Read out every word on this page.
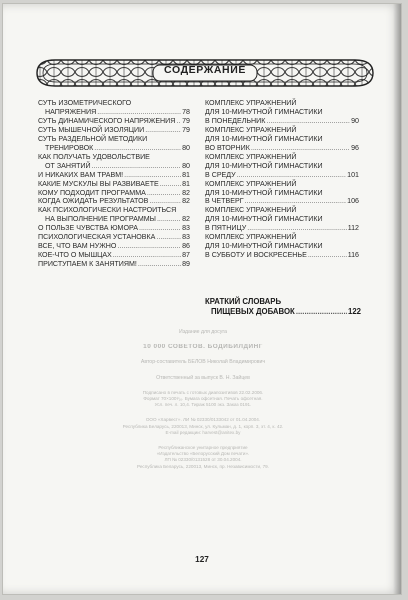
СОДЕРЖАНИЕ
СУТЬ ИЗОМЕТРИЧЕСКОГО
НАПРЯЖЕНИЯ .....	78
СУТЬ ДИНАМИЧЕСКОГО НАПРЯЖЕНИЯ ..... 79
СУТЬ МЫШЕЧНОЙ ИЗОЛЯЦИИ .....	79
СУТЬ РАЗДЕЛЬНОЙ МЕТОДИКИ
ТРЕНИРОВОК .....	80
КАК ПОЛУЧАТЬ УДОВОЛЬСТВИЕ
ОТ ЗАНЯТИЙ .....	80
И НИКАКИХ ВАМ ТРАВМ! .....	81
КАКИЕ МУСКУЛЫ ВЫ РАЗВИВАЕТЕ .....	81
КОМУ ПОДХОДИТ ПРОГРАММА .....	82
КОГДА ОЖИДАТЬ РЕЗУЛЬТАТОВ .....	82
КАК ПСИХОЛОГИЧЕСКИ НАСТРОИТЬСЯ
НА ВЫПОЛНЕНИЕ ПРОГРАММЫ .....	82
О ПОЛЬЗЕ ЧУВСТВА ЮМОРА .....	83
ПСИХОЛОГИЧЕСКАЯ УСТАНОВКА .....	83
ВСЕ, ЧТО ВАМ НУЖНО .....	86
КОЕ-ЧТО О МЫШЦАХ .....	87
ПРИСТУПАЕМ К ЗАНЯТИЯМ! .....	89
КОМПЛЕКС УПРАЖНЕНИЙ
ДЛЯ 10-МИНУТНОЙ ГИМНАСТИКИ
В ПОНЕДЕЛЬНИК .....	90
КОМПЛЕКС УПРАЖНЕНИЙ
ДЛЯ 10-МИНУТНОЙ ГИМНАСТИКИ
ВО ВТОРНИК .....	96
КОМПЛЕКС УПРАЖНЕНИЙ
ДЛЯ 10-МИНУТНОЙ ГИМНАСТИКИ
В СРЕДУ .....	101
КОМПЛЕКС УПРАЖНЕНИЙ
ДЛЯ 10-МИНУТНОЙ ГИМНАСТИКИ
В ЧЕТВЕРГ .....	106
КОМПЛЕКС УПРАЖНЕНИЙ
ДЛЯ 10-МИНУТНОЙ ГИМНАСТИКИ
В ПЯТНИЦУ .....	112
КОМПЛЕКС УПРАЖНЕНИЙ
ДЛЯ 10-МИНУТНОЙ ГИМНАСТИКИ
В СУББОТУ И ВОСКРЕСЕНЬЕ .....	116
КРАТКИЙ СЛОВАРЬ
ПИЩЕВЫХ ДОБАВОК .....	122
Издание для досуга
10 000 СОВЕТОВ. БОДИБИЛДИНГ
Автор-составитель БЕЛОВ Николай Владимирович
Ответственный за выпуск В. Н. Зайцев
Подписано в печать с готовых диапозитивов 22.02.2006.
Формат 70×100¹⁄₁₆. Бумага офсетная. Печать офсетная.
Усл. печ. л. 10,4. Тираж 5100 экз. Заказ 0191.
ООО «Харвест». ЛИ № 02330/0133042 от 01.04.2004.
Республика Беларусь, 220013, Минск, ул. Кульман, д. 1, корп. 3, эт. 4, к. 42.
E-mail редакции: harvest@anitex.by
Республиканское унитарное предприятие
«Издательство «Белорусский Дом печати».
ЛП № 02330/0131528 от 30.04.2004.
Республика Беларусь, 220013, Минск, пр. Независимости, 79.
127
